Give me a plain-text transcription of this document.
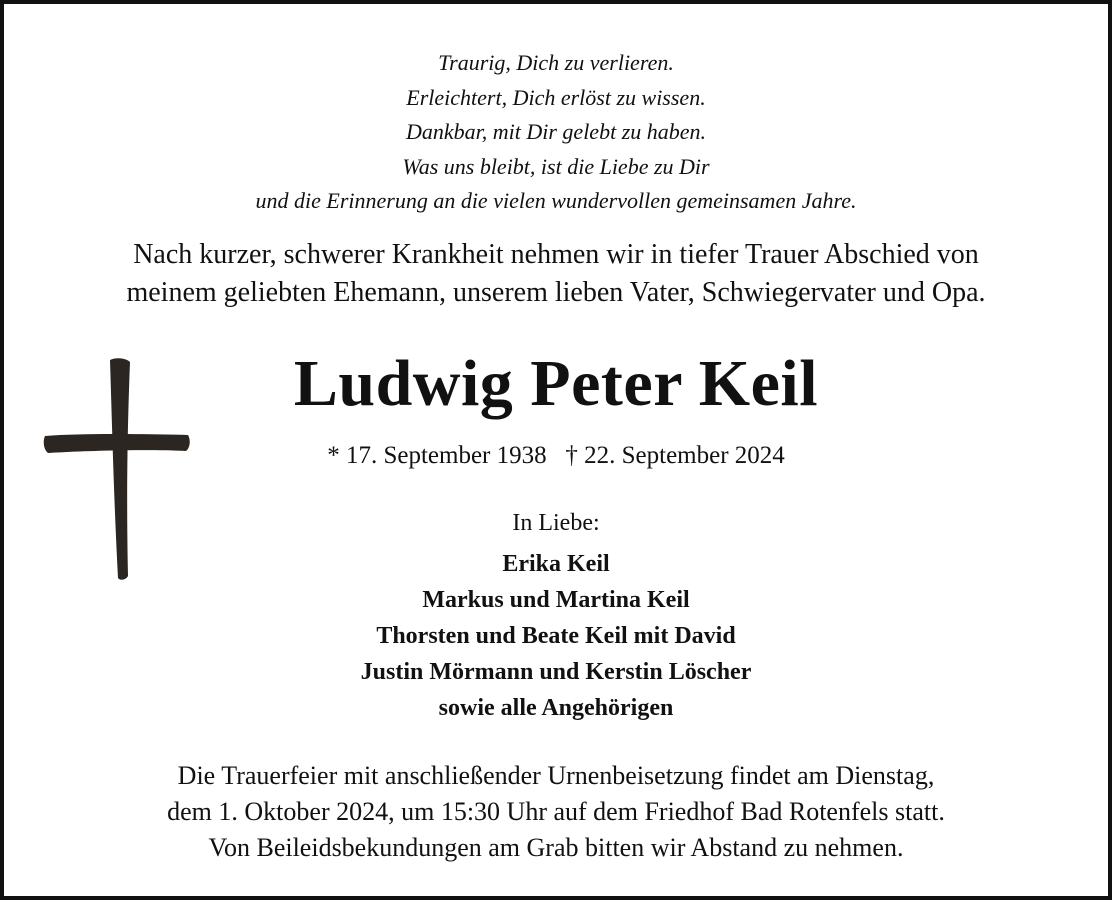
Traurig, Dich zu verlieren.
Erleichtert, Dich erlöst zu wissen.
Dankbar, mit Dir gelebt zu haben.
Was uns bleibt, ist die Liebe zu Dir
und die Erinnerung an die vielen wundervollen gemeinsamen Jahre.
Nach kurzer, schwerer Krankheit nehmen wir in tiefer Trauer Abschied von
meinem geliebten Ehemann, unserem lieben Vater, Schwiegervater und Opa.
Ludwig Peter Keil
* 17. September 1938 † 22. September 2024
In Liebe:
Erika Keil
Markus und Martina Keil
Thorsten und Beate Keil mit David
Justin Mörmann und Kerstin Löscher
sowie alle Angehörigen
Die Trauerfeier mit anschließender Urnenbeisetzung findet am Dienstag,
dem 1. Oktober 2024, um 15:30 Uhr auf dem Friedhof Bad Rotenfels statt.
Von Beileidsbekundungen am Grab bitten wir Abstand zu nehmen.
